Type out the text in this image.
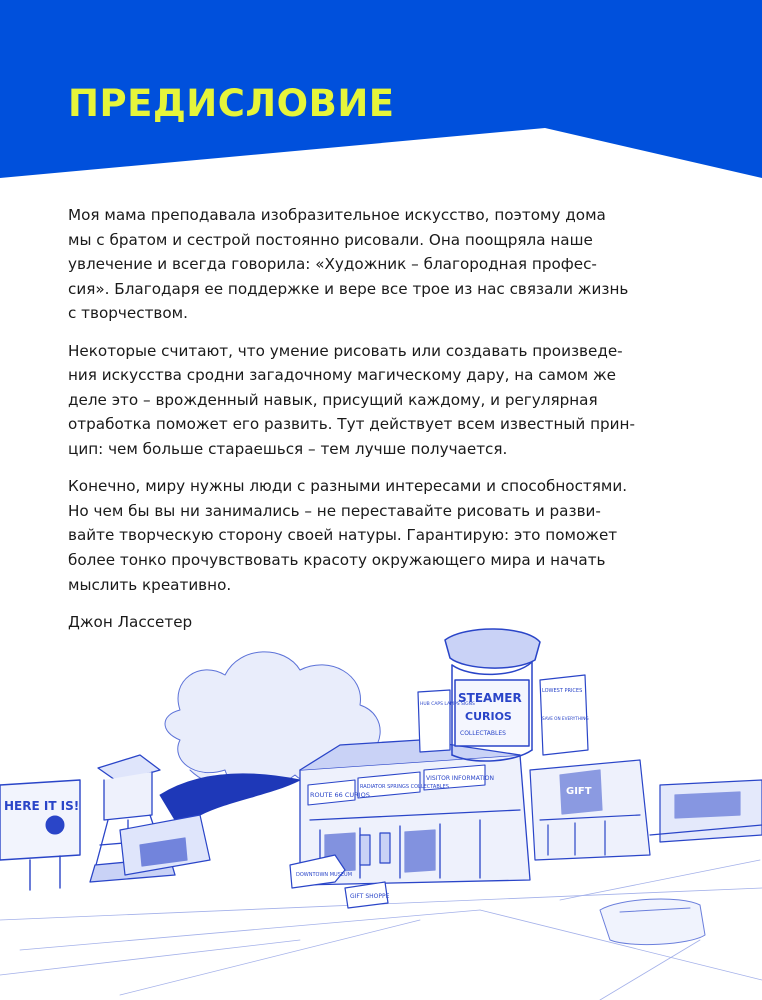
ПРЕДИСЛОВИЕ

Моя мама преподавала изобразительное искусство, поэтому дома
мы с братом и сестрой постоянно рисовали. Она поощряла наше
увлечение и всегда говорила: «Художник – благородная профес-
сия». Благодаря ее поддержке и вере все трое из нас связали жизнь
с творчеством.

Некоторые считают, что умение рисовать или создавать произведе-
ния искусства сродни загадочному магическому дару, на самом же
деле это – врожденный навык, присущий каждому, и регулярная
отработка поможет его развить. Тут действует всем известный прин-
цип: чем больше стараешься – тем лучше получается.

Конечно, миру нужны люди с разными интересами и способностями.
Но чем бы вы ни занимались – не переставайте рисовать и разви-
вайте творческую сторону своей натуры. Гарантирую: это поможет
более тонко прочувствовать красоту окружающего мира и начать
мыслить креативно.

Джон Лассетер

HERE IT IS!
ROUTE 66 CURIOS
RADIATOR SPRINGS COLLECTABLES
VISITOR INFORMATION
STEAMER
CURIOS
COLLECTABLES
HUB CAPS LAMPS SIGNS
LOWEST PRICES
SAVE ON EVERYTHING
GIFT
DOWNTOWN MUSEUM
GIFT SHOPPE
